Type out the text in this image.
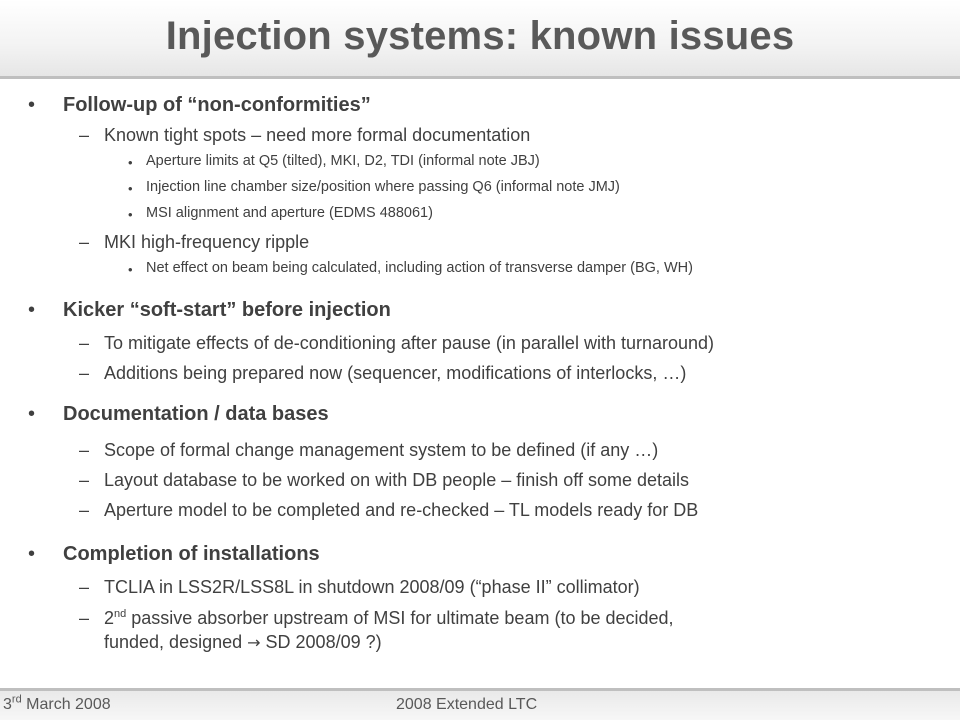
Injection systems: known issues
• Follow-up of “non-conformities”
– Known tight spots – need more formal documentation
• Aperture limits at Q5 (tilted), MKI, D2, TDI (informal note JBJ)
• Injection line chamber size/position where passing Q6 (informal note JMJ)
• MSI alignment and aperture (EDMS 488061)
– MKI high-frequency ripple
• Net effect on beam being calculated, including action of transverse damper (BG, WH)
• Kicker “soft-start” before injection
– To mitigate effects of de-conditioning after pause (in parallel with turnaround)
– Additions being prepared now (sequencer, modifications of interlocks, …)
• Documentation / data bases
– Scope of formal change management system to be defined (if any …)
– Layout database to be worked on with DB people – finish off some details
– Aperture model to be completed and re-checked – TL models ready for DB
• Completion of installations
– TCLIA in LSS2R/LSS8L in shutdown 2008/09 (“phase II” collimator)
– 2nd passive absorber upstream of MSI for ultimate beam (to be decided,
funded, designed → SD 2008/09 ?)
3rd March 2008	2008 Extended LTC
